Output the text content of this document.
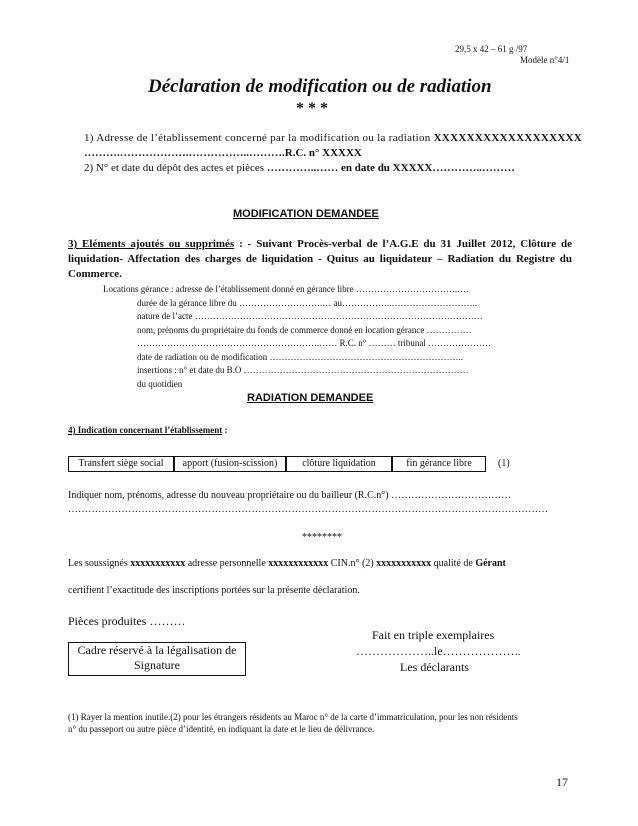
29,5 x 42 – 61 g /97
Modèle n°4/1
Déclaration de modification ou de radiation
* * *
1) Adresse de l’établissement concerné par la modification ou la radiation XXXXXXXXXXXXXXXXXX
……….……………….……………..……….R.C. n° XXXXX
2) N° et date du dépôt des actes et pièces …………..…… en date du XXXXX…………..………
MODIFICATION DEMANDEE
3) Eléments ajoutés ou supprimés : - Suivant Procès-verbal de l’A.G.E du 31 Juillet 2012, Clôture de liquidation- Affectation des charges de liquidation - Quitus au liquidateur – Radiation du Registre du Commerce.
Locations gérance : adresse de l’établissement donné en gérance libre …………………………….….
durée de la gérance libre du ……………………….… au……………..………………………..
nature de l’acte ……………………………………………………………………………………
nom, prénoms du propriétaire du fonds de commerce donné en location gérance ……………
…………………………………………………….…… R.C. n° ……… tribunal …………………
date de radiation ou de modification ………………………………………………………..
insertions : n° et date du B.O …………………………………………………………………
du quotidien
RADIATION DEMANDEE
4) Indication concernant l’établissement :
Transfert siège social	apport (fusion-scission)	clôture liquidation	fin gérance libre	(1)
Indiquer nom, prénoms, adresse du nouveau propriétaire ou du bailleur (R.C.n°) ………………………………
………………………………………………………………………………………………………………………………
********
Les soussignés xxxxxxxxxxx adresse personnelle xxxxxxxxxxxx CIN.n° (2) xxxxxxxxxxx qualité de Gérant
certifient l’exactitude des inscriptions portées sur la présente déclaration.
Pièces produites ………
Fait en triple exemplaires
………………..le………………..
Les déclarants
Cadre réservé à la légalisation de
Signature
(1) Rayer la mention inutile.(2) pour les étrangers résidents au Maroc n° de la carte d’immatriculation, pour les non résidents
n° du passeport ou autre pièce d’identité, en indiquant la date et le lieu de délivrance.
17
